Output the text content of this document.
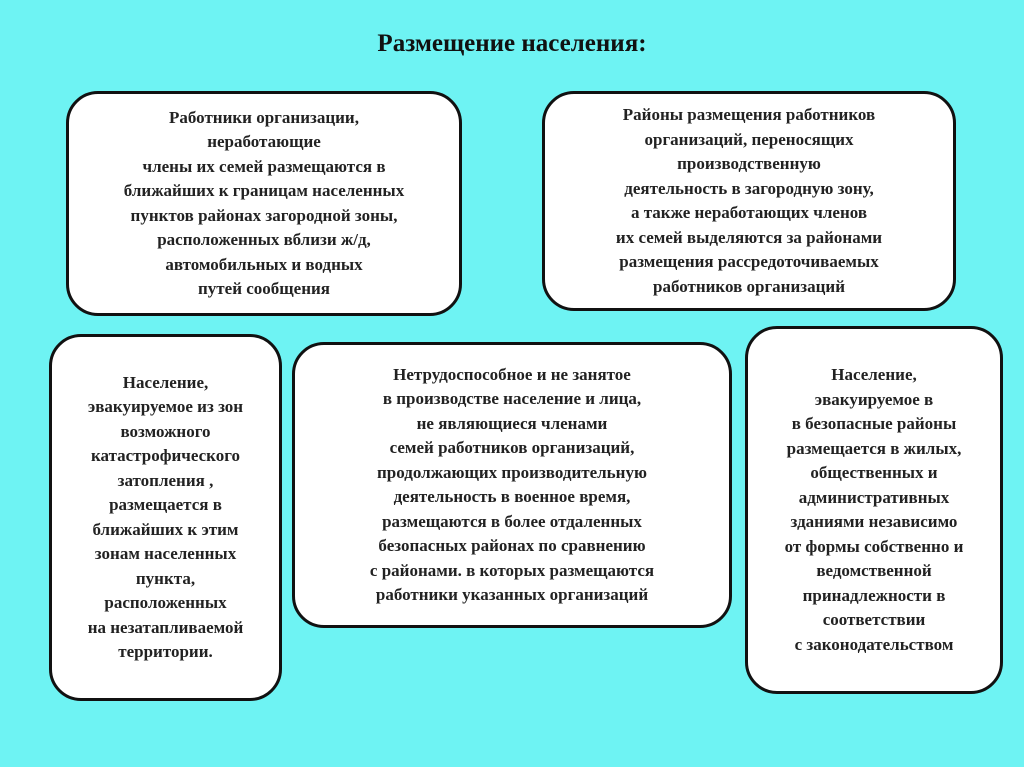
Размещение населения:
Работники организации,
неработающие
члены их семей размещаются в
ближайших к границам населенных
пунктов районах загородной зоны,
расположенных вблизи ж/д,
автомобильных и водных
путей сообщения
Районы размещения работников
организаций, переносящих
производственную
деятельность в загородную зону,
а также неработающих членов
их семей выделяются за районами
размещения рассредоточиваемых
работников организаций
Население,
эвакуируемое из зон
возможного
катастрофического
затопления ,
размещается в
ближайших к этим
зонам населенных
пункта,
расположенных
на незатапливаемой
территории.
Нетрудоспособное и не занятое
в производстве население и лица,
не являющиеся членами
семей работников организаций,
продолжающих производительную
деятельность в военное время,
размещаются в более отдаленных
безопасных районах по сравнению
с районами. в которых размещаются
работники указанных организаций
Население,
эвакуируемое в
в безопасные районы
размещается в жилых,
общественных и
административных
зданиями независимо
от формы собственно и
ведомственной
принадлежности в
соответствии
с законодательством
